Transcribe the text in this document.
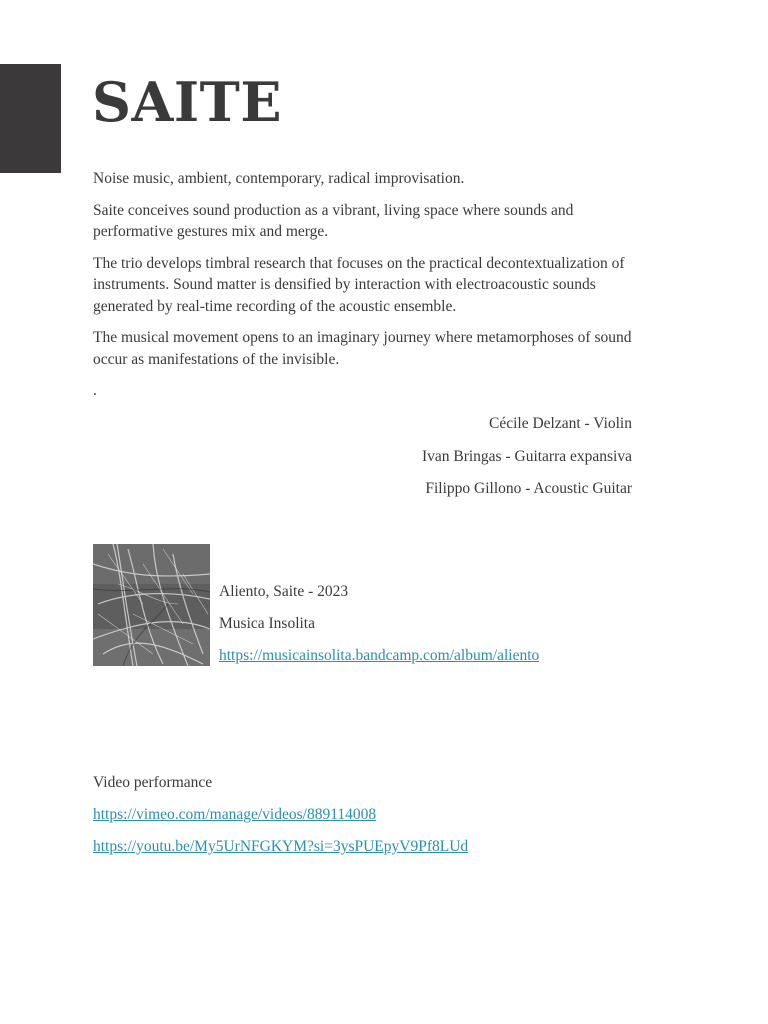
SAITE

Noise music, ambient, contemporary, radical improvisation.

Saite conceives sound production as a vibrant, living space where sounds and performative gestures mix and merge.

The trio develops timbral research that focuses on the practical decontextualization of instruments. Sound matter is densified by interaction with electroacoustic sounds generated by real-time recording of the acoustic ensemble.

The musical movement opens to an imaginary journey where metamorphoses of sound occur as manifestations of the invisible.

.

Cécile Delzant - Violin

Ivan Bringas - Guitarra expansiva

Filippo Gillono - Acoustic Guitar

Aliento, Saite - 2023

Musica Insolita

https://musicainsolita.bandcamp.com/album/aliento

Video performance

https://vimeo.com/manage/videos/889114008

https://youtu.be/My5UrNFGKYM?si=3ysPUEpyV9Pf8LUd
